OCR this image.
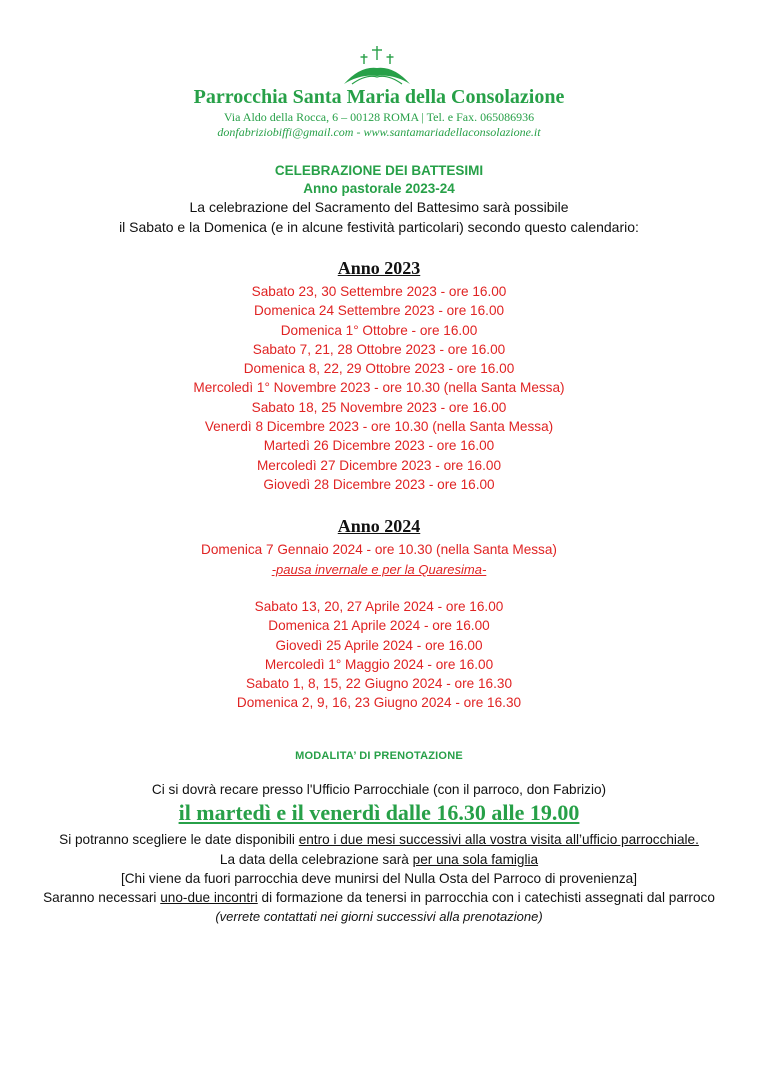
Parrocchia Santa Maria della Consolazione
Via Aldo della Rocca, 6 – 00128 ROMA | Tel. e Fax. 065086936
donfabriziobiffi@gmail.com - www.santamariadellaconsolazione.it
CELEBRAZIONE DEI BATTESIMI
Anno pastorale 2023-24
La celebrazione del Sacramento del Battesimo sarà possibile
il Sabato e la Domenica (e in alcune festività particolari) secondo questo calendario:
Anno 2023
Sabato 23, 30 Settembre 2023 - ore 16.00
Domenica 24 Settembre 2023 - ore 16.00
Domenica 1° Ottobre - ore 16.00
Sabato 7, 21, 28 Ottobre 2023 - ore 16.00
Domenica 8, 22, 29 Ottobre 2023 - ore 16.00
Mercoledì 1° Novembre 2023 - ore 10.30 (nella Santa Messa)
Sabato 18, 25 Novembre 2023 - ore 16.00
Venerdì 8 Dicembre 2023 - ore 10.30 (nella Santa Messa)
Martedì 26 Dicembre 2023 - ore 16.00
Mercoledì 27 Dicembre 2023 - ore 16.00
Giovedì 28 Dicembre 2023 - ore 16.00
Anno 2024
Domenica 7 Gennaio 2024 - ore 10.30 (nella Santa Messa)
-pausa invernale e per la Quaresima-
Sabato 13, 20, 27 Aprile 2024 - ore 16.00
Domenica 21 Aprile 2024 - ore 16.00
Giovedì 25 Aprile 2024 - ore 16.00
Mercoledì 1° Maggio 2024 - ore 16.00
Sabato 1, 8, 15, 22 Giugno 2024 - ore 16.30
Domenica 2, 9, 16, 23 Giugno 2024 - ore 16.30
MODALITA’ DI PRENOTAZIONE
Ci si dovrà recare presso l'Ufficio Parrocchiale (con il parroco, don Fabrizio)
il martedì e il venerdì dalle 16.30 alle 19.00
Si potranno scegliere le date disponibili entro i due mesi successivi alla vostra visita all’ufficio parrocchiale.
La data della celebrazione sarà per una sola famiglia
[Chi viene da fuori parrocchia deve munirsi del Nulla Osta del Parroco di provenienza]
Saranno necessari uno-due incontri di formazione da tenersi in parrocchia con i catechisti assegnati dal parroco
(verrete contattati nei giorni successivi alla prenotazione)
